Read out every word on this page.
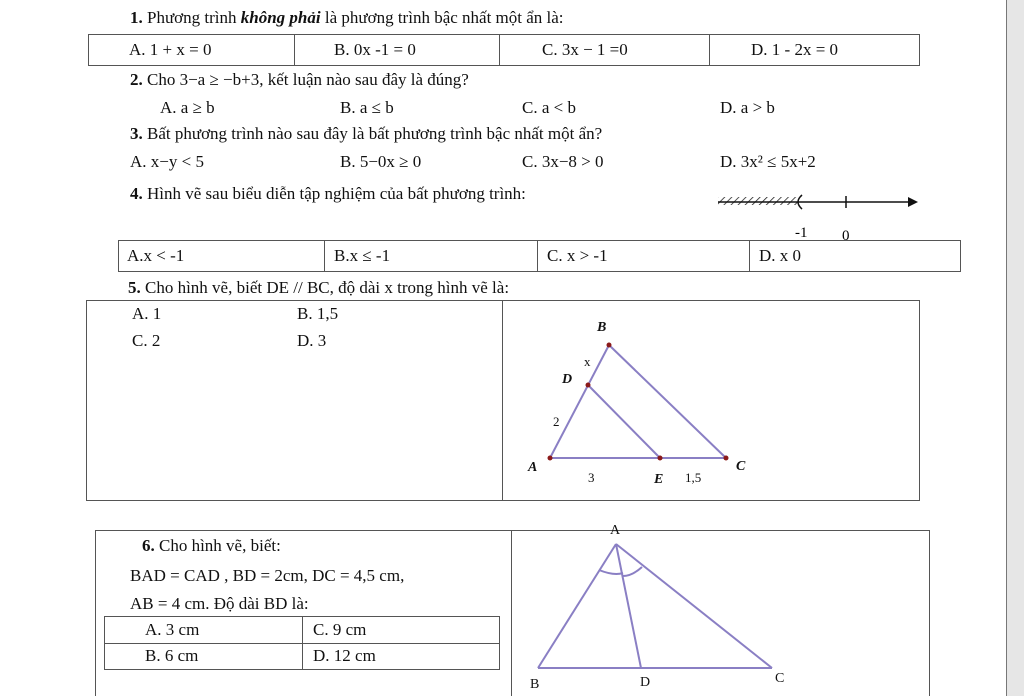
1. Phương trình không phải là phương trình bậc nhất một ẩn là:
A. 1 + x = 0	B. 0x -1 = 0	C. 3x − 1 =0	D. 1 - 2x = 0
2. Cho 3−a ≥ −b+3, kết luận nào sau đây là đúng?
A. a ≥ b	B. a ≤ b	C. a < b	D. a > b
3. Bất phương trình nào sau đây là bất phương trình bậc nhất một ẩn?
A. x−y < 5	B. 5−0x ≥ 0	C. 3x−8 > 0	D. 3x² ≤ 5x+2
4. Hình vẽ sau biểu diễn tập nghiệm của bất phương trình:
-1 0
A.x < -1	B.x ≤ -1	C. x > -1	D. x 0
5. Cho hình vẽ, biết DE // BC, độ dài x trong hình vẽ là:
A. 1	B. 1,5
C. 2	D. 3
B
D
A
E
C
x
2
3	1,5
6. Cho hình vẽ, biết:
BAD = CAD , BD = 2cm, DC = 4,5 cm,
AB = 4 cm. Độ dài BD là:
A. 3 cm	C. 9 cm
B. 6 cm	D. 12 cm
A
B	D	C
